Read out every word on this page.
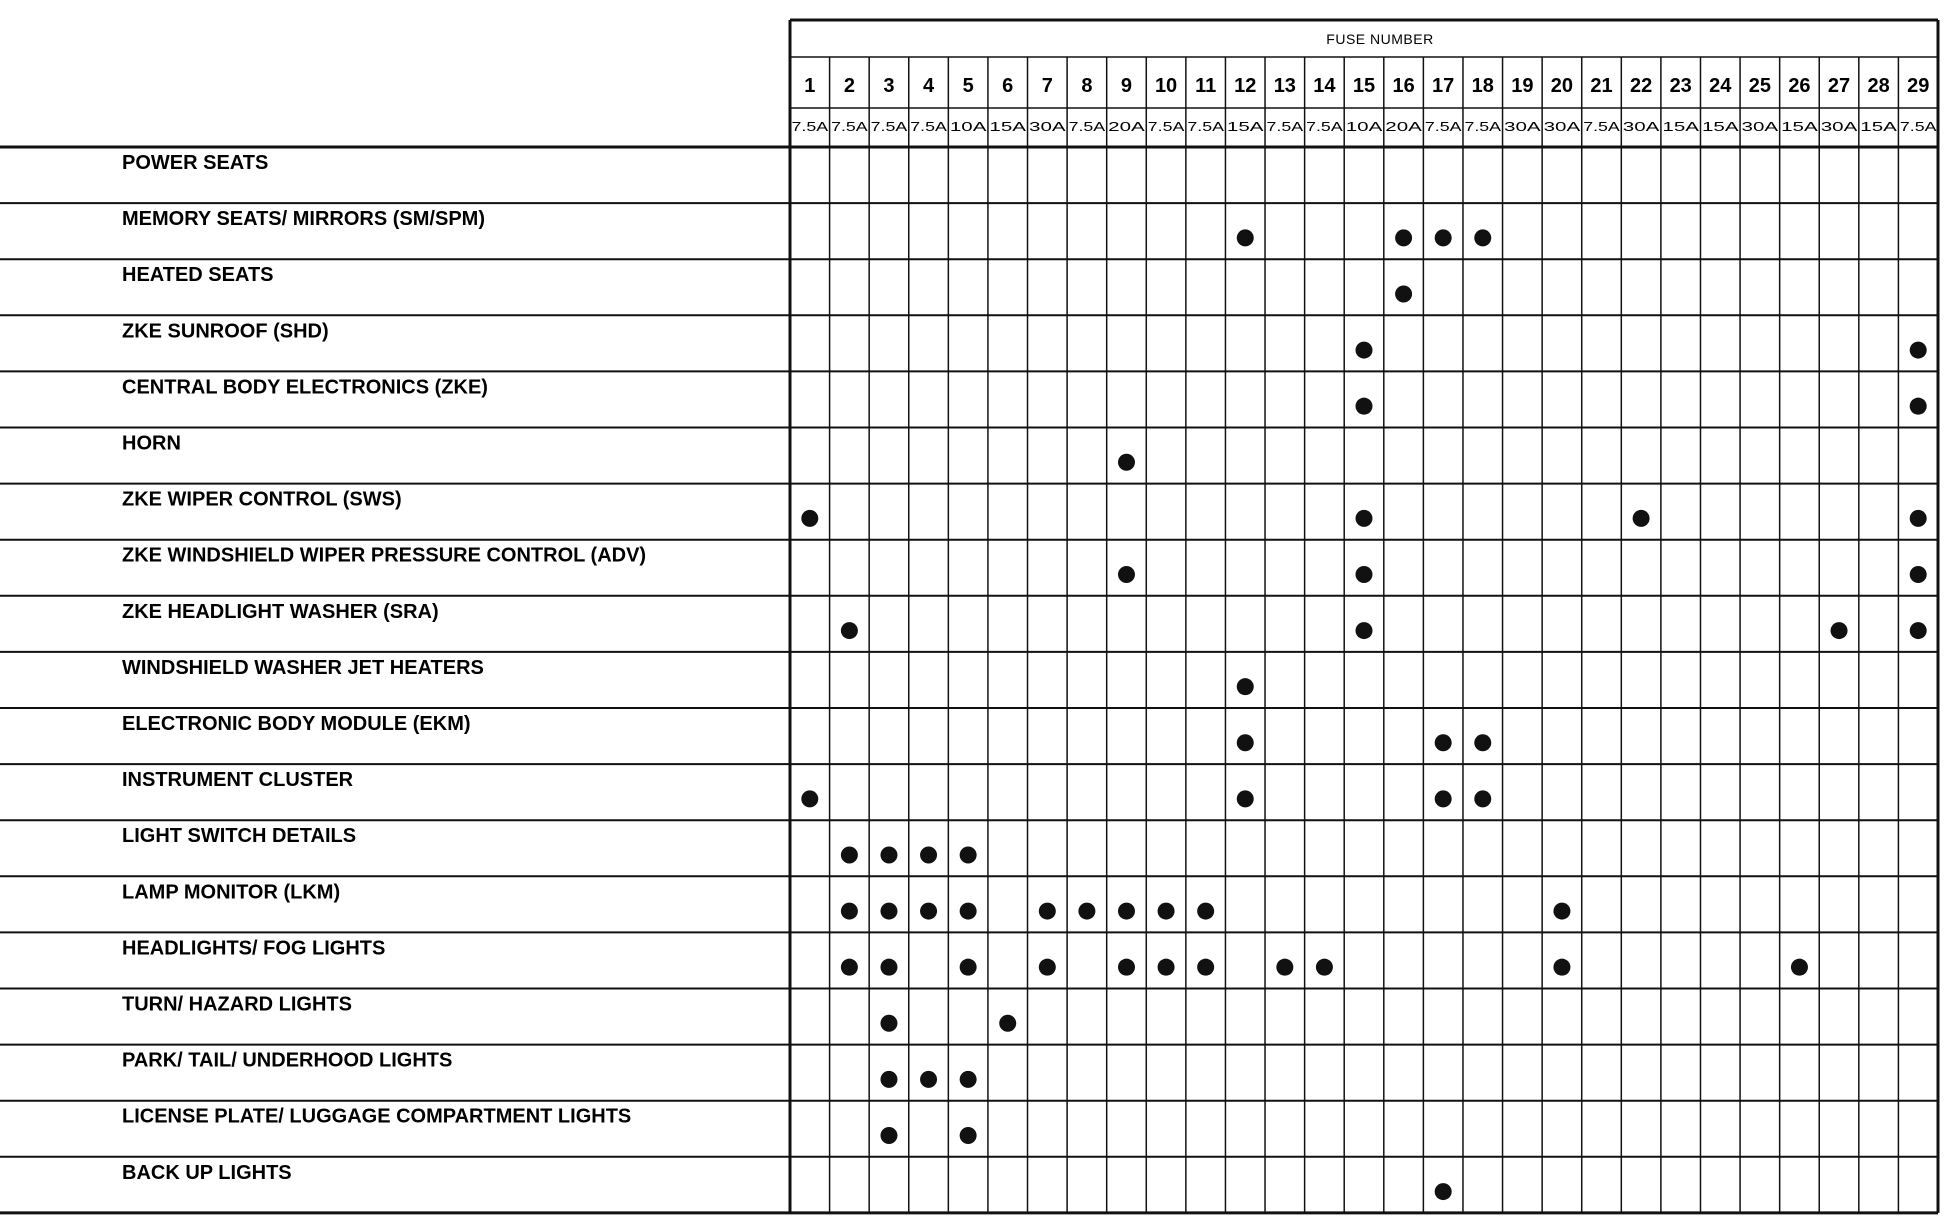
FUSE NUMBER
1
7.5A
2
7.5A
3
7.5A
4
7.5A
5
10A
6
15A
7
30A
8
7.5A
9
20A
10
7.5A
11
7.5A
12
15A
13
7.5A
14
7.5A
15
10A
16
20A
17
7.5A
18
7.5A
19
30A
20
30A
21
7.5A
22
30A
23
15A
24
15A
25
30A
26
15A
27
30A
28
15A
29
7.5A
POWER SEATS
MEMORY SEATS/ MIRRORS (SM/SPM)
HEATED SEATS
ZKE SUNROOF (SHD)
CENTRAL BODY ELECTRONICS (ZKE)
HORN
ZKE WIPER CONTROL (SWS)
ZKE WINDSHIELD WIPER PRESSURE CONTROL (ADV)
ZKE HEADLIGHT WASHER (SRA)
WINDSHIELD WASHER JET HEATERS
ELECTRONIC BODY MODULE (EKM)
INSTRUMENT CLUSTER
LIGHT SWITCH DETAILS
LAMP MONITOR (LKM)
HEADLIGHTS/ FOG LIGHTS
TURN/ HAZARD LIGHTS
PARK/ TAIL/ UNDERHOOD LIGHTS
LICENSE PLATE/ LUGGAGE COMPARTMENT LIGHTS
BACK UP LIGHTS
